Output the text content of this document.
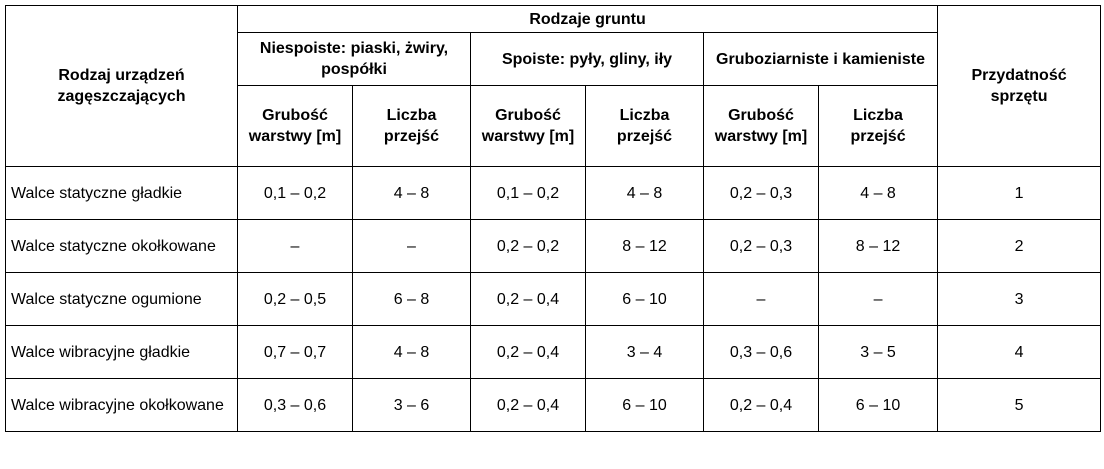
Rodzaj urządzeń zagęszczających	Rodzaje gruntu						Przydatność sprzętu
	Niespoiste: piaski, żwiry, pospółki		Spoiste: pyły, gliny, iły		Gruboziarniste i kamieniste		
	Grubość warstwy [m]	Liczba przejść	Grubość warstwy [m]	Liczba przejść	Grubość warstwy [m]	Liczba przejść	
Walce statyczne gładkie	0,1 – 0,2	4 – 8	0,1 – 0,2	4 – 8	0,2 – 0,3	4 – 8	1
Walce statyczne okołkowane	–	–	0,2 – 0,2	8 – 12	0,2 – 0,3	8 – 12	2
Walce statyczne ogumione	0,2 – 0,5	6 – 8	0,2 – 0,4	6 – 10	–	–	3
Walce wibracyjne gładkie	0,7 – 0,7	4 – 8	0,2 – 0,4	3 – 4	0,3 – 0,6	3 – 5	4
Walce wibracyjne okołkowane	0,3 – 0,6	3 – 6	0,2 – 0,4	6 – 10	0,2 – 0,4	6 – 10	5
